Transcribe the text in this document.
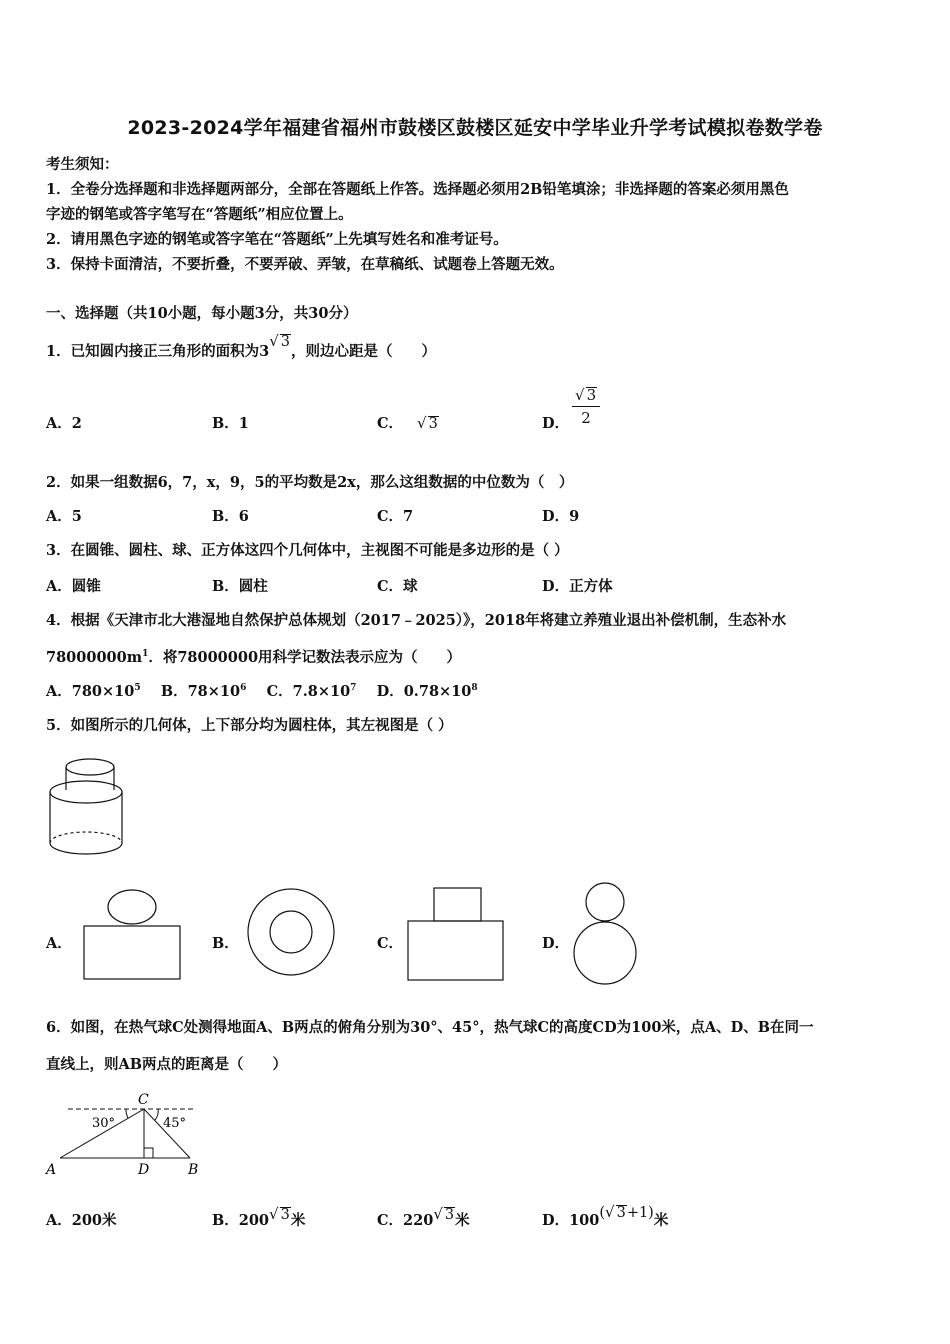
2023-2024学年福建省福州市鼓楼区鼓楼区延安中学毕业升学考试模拟卷数学卷
考生须知：
1．全卷分选择题和非选择题两部分，全部在答题纸上作答。选择题必须用2B铅笔填涂；非选择题的答案必须用黑色
字迹的钢笔或答字笔写在“答题纸”相应位置上。
2．请用黑色字迹的钢笔或答字笔在“答题纸”上先填写姓名和准考证号。
3．保持卡面清洁，不要折叠，不要弄破、弄皱，在草稿纸、试题卷上答题无效。
一、选择题（共10小题，每小题3分，共30分）
1．已知圆内接正三角形的面积为3√ 3，则边心距是（　　）
A．2	B．1	C． √ 3	D． $\frac{√ 3}{2}$
2．如果一组数据6，7，x，9，5的平均数是2x，那么这组数据的中位数为（　）
A．5	B．6	C．7	D．9
3．在圆锥、圆柱、球、正方体这四个几何体中，主视图不可能是多边形的是（ ）
A．圆锥	B．圆柱	C．球	D．正方体
4．根据《天津市北大港湿地自然保护总体规划（2017﹣2025）》，2018年将建立养殖业退出补偿机制，生态补水
$78000000m^1$．将78000000用科学记数法表示应为（　　）
A．$780\times 10^5$ B．$78\times 10^6$ C．$7.8\times 10^7$ D．$0.78\times 10^8$
5．如图所示的几何体，上下部分均为圆柱体，其左视图是（ ）
A．	B．	C．	D．
6．如图，在热气球C处测得地面A、B两点的俯角分别为30°、45°，热气球C的高度CD为100米，点A、D、B在同一
直线上，则AB两点的距离是（　　）
C
A	D	B
30°	45°
A．200米	B．200√ 3米	C．220√ 3米	D．100(√ 3+1)米
